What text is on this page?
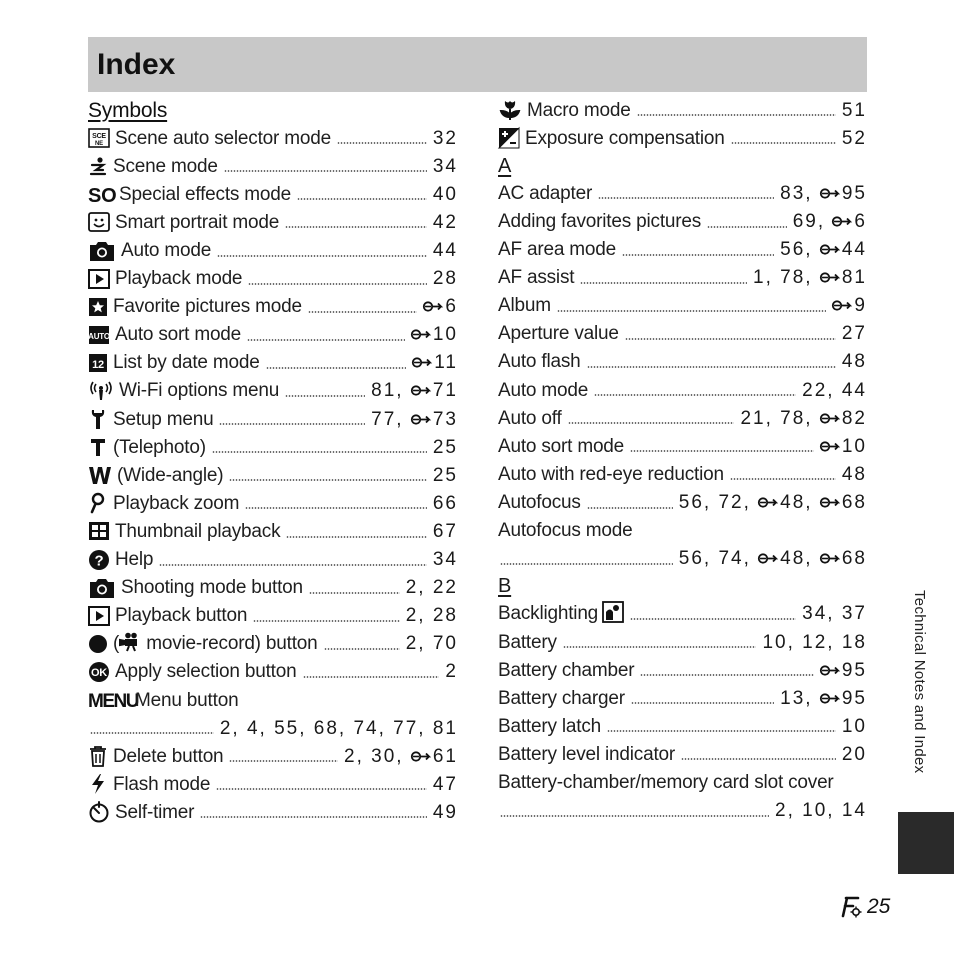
Index
Symbols
SCE
NE Scene auto selector mode	32
Scene mode	34
SO Special effects mode	40
Smart portrait mode	42
Auto mode	44
Playback mode	28
Favorite pictures mode	6
AUTO Auto sort mode	10
12 List by date mode	11
Wi-Fi options menu	81, 71
Setup menu	77, 73
(Telephoto)	25
(Wide-angle)	25
Playback zoom	66
Thumbnail playback	67
? Help	34
Shooting mode button	2, 22
Playback button	2, 28
( movie-record) button	2, 70
OK Apply selection button	2
MENU
Menu button
2, 4, 55, 68, 74, 77, 81
Delete button	2, 30, 61
Flash mode	47
Self-timer	49
Macro mode	51
Exposure compensation	52
A
AC adapter	83, 95
Adding favorites pictures	69, 6
AF area mode	56, 44
AF assist	1, 78, 81
Album	9
Aperture value	27
Auto flash	48
Auto mode	22, 44
Auto off	21, 78, 82
Auto sort mode	10
Auto with red-eye reduction	48
Autofocus	56, 72, 48, 68
Autofocus mode
56, 74, 48, 68
B
Backlighting	34, 37
Battery	10, 12, 18
Battery chamber	95
Battery charger	13, 95
Battery latch	10
Battery level indicator	20
Battery-chamber/memory card slot cover
2, 10, 14
Technical Notes and Index
25
